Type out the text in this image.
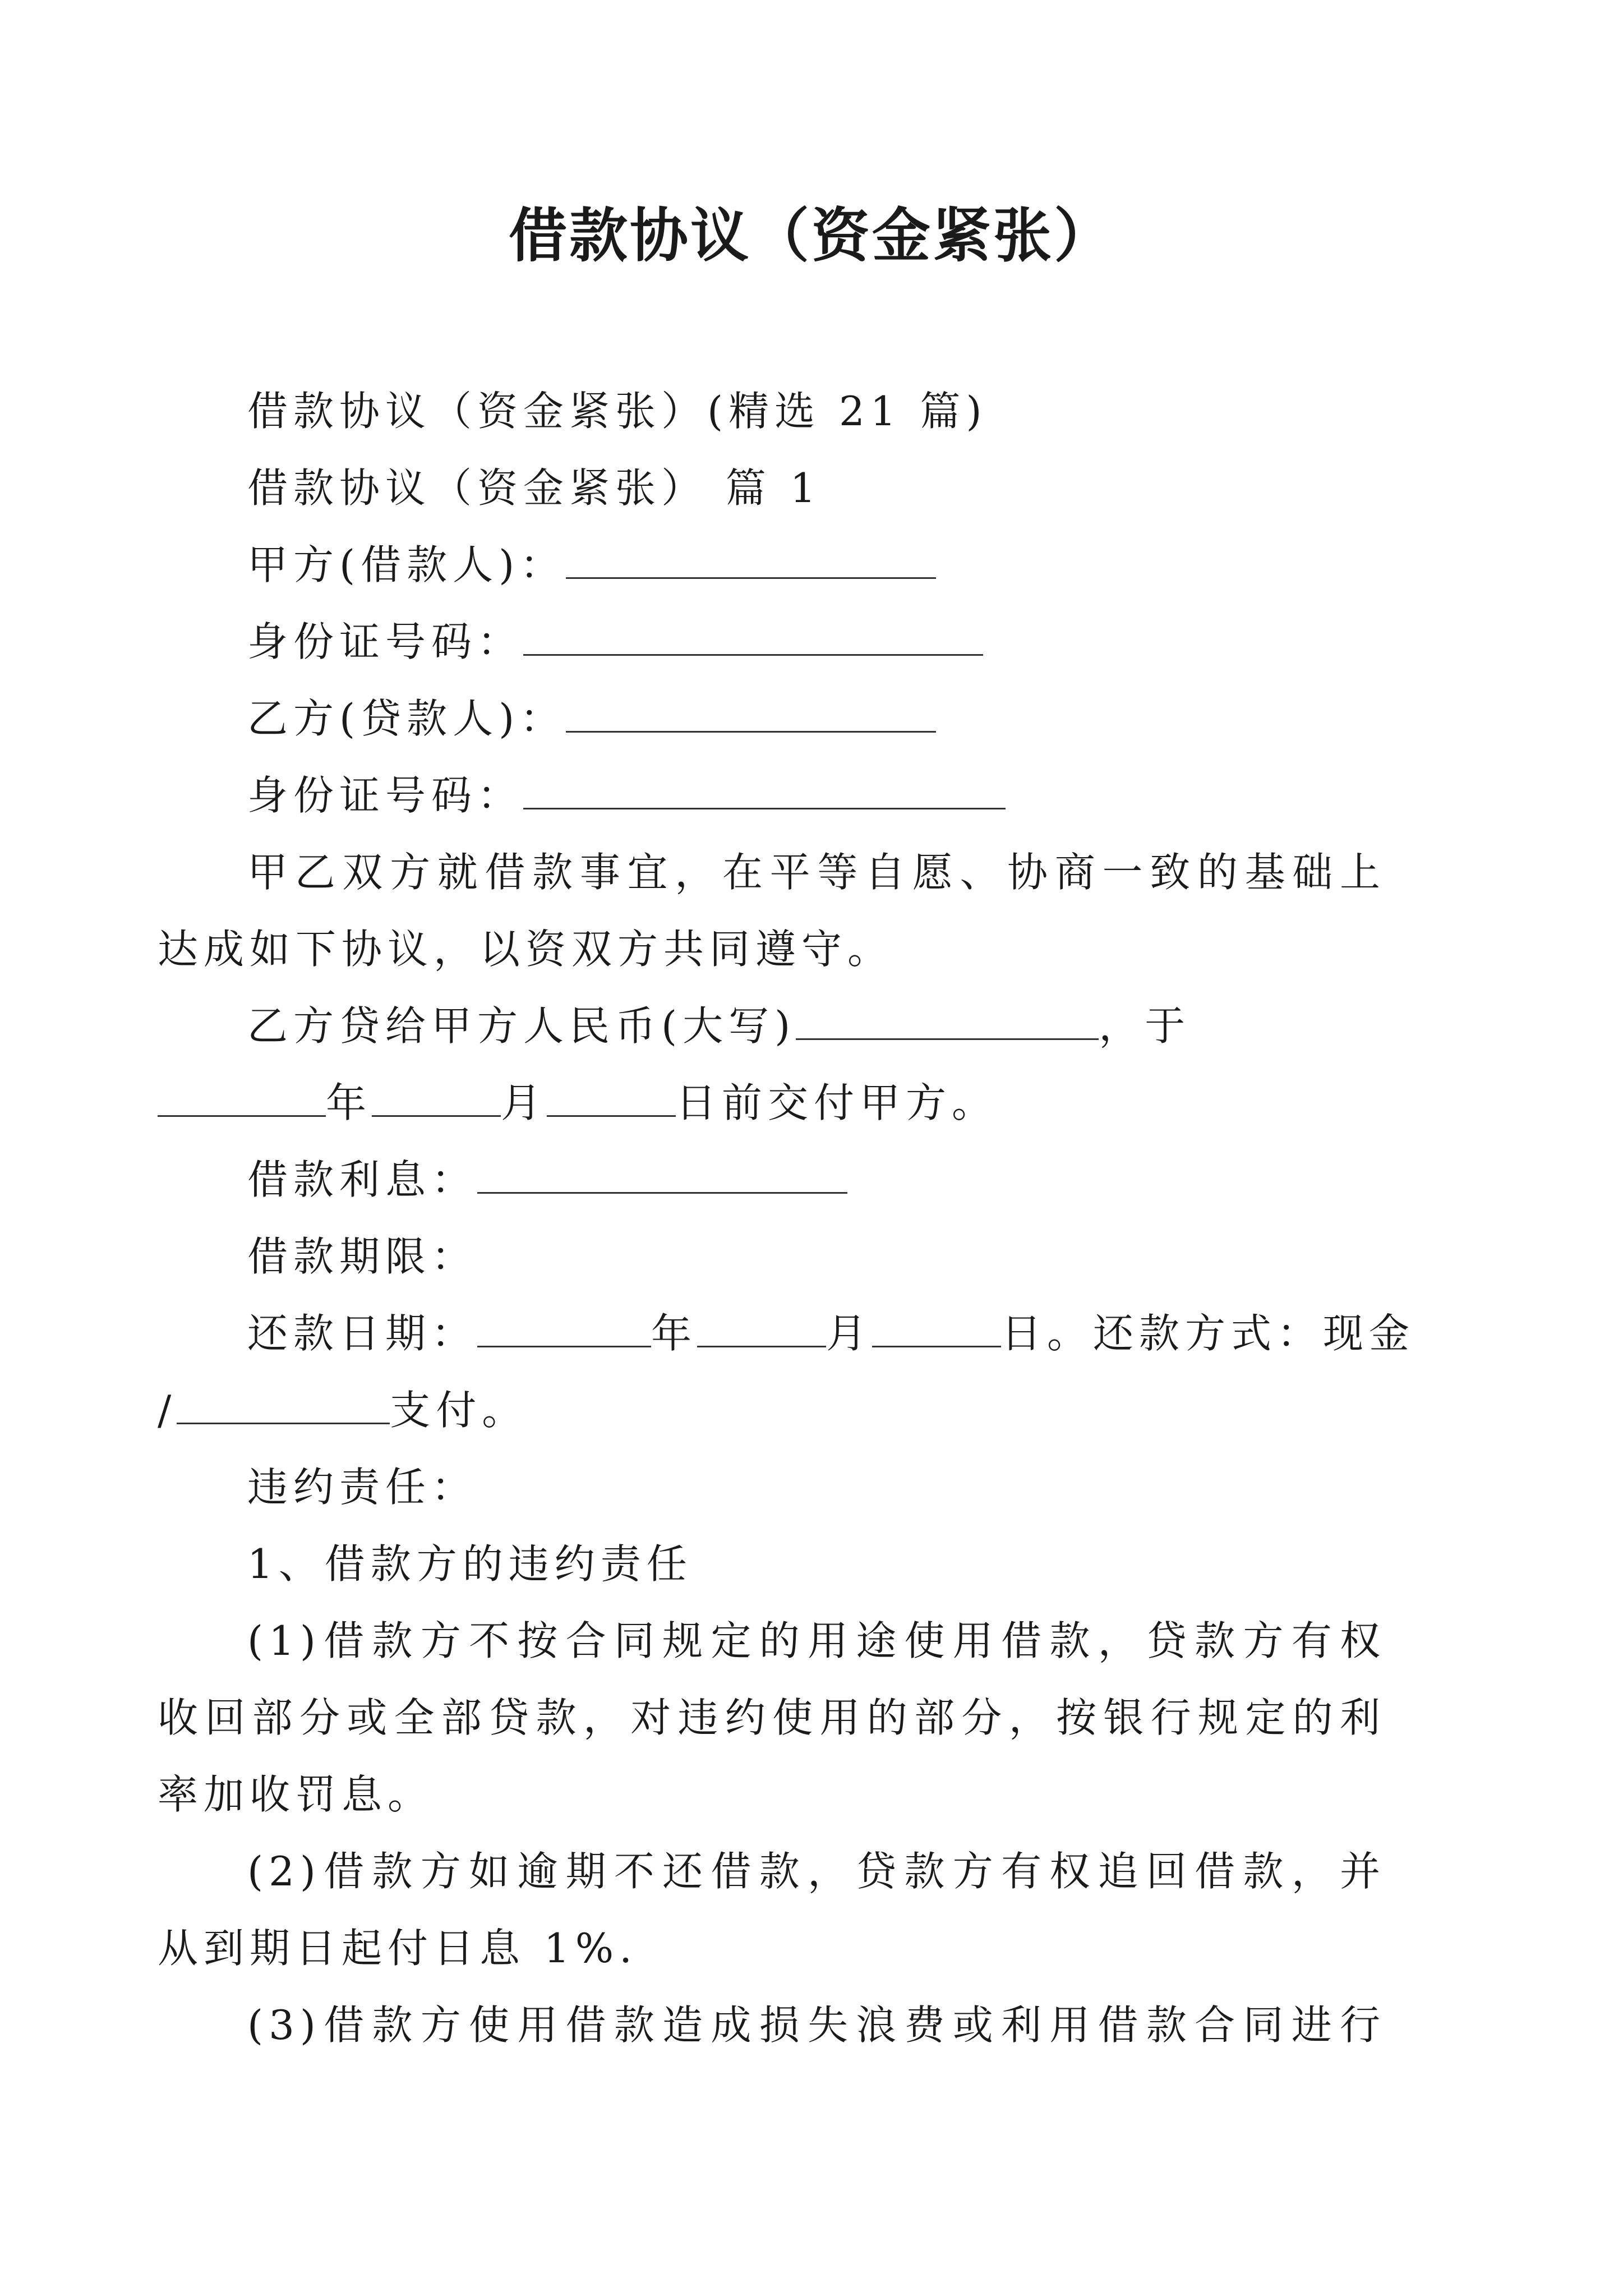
借款协议（资金紧张）
借款协议（资金紧张）(精选 21 篇)
借款协议（资金紧张） 篇 1
甲方(借款人)：
身份证号码：
乙方(贷款人)：
身份证号码：
甲乙双方就借款事宜，在平等自愿、协商一致的基础上
达成如下协议，以资双方共同遵守。
乙方贷给甲方人民币(大写)	，于
年	月	日前交付甲方。
借款利息：
借款期限：
还款日期：	年	月	日。还款方式：现金
/	支付。
违约责任：
1、借款方的违约责任
(1)借款方不按合同规定的用途使用借款，贷款方有权
收回部分或全部贷款，对违约使用的部分，按银行规定的利
率加收罚息。
(2)借款方如逾期不还借款，贷款方有权追回借款，并
从到期日起付日息 1%.
(3)借款方使用借款造成损失浪费或利用借款合同进行
